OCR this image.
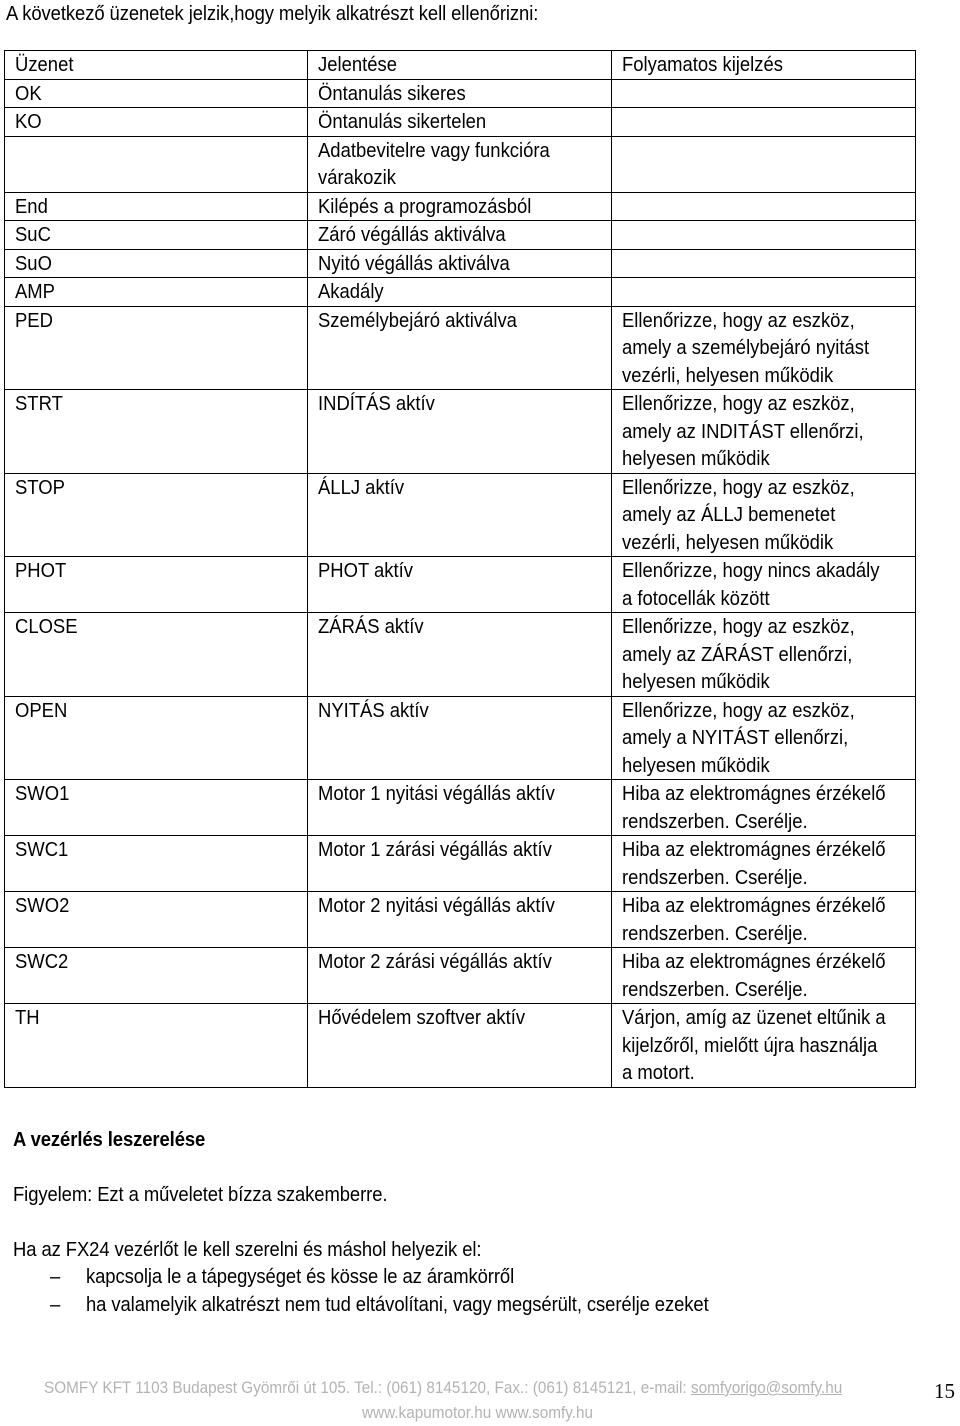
A következő üzenetek jelzik,hogy melyik alkatrészt kell ellenőrizni:
Üzenet	Jelentése	Folyamatos kijelzés

OK	Öntanulás sikeres	

KO	Öntanulás sikertelen	

	Adatbevitelre vagy funkcióra
várakozik	

End	Kilépés a programozásból	

SuC	Záró végállás aktiválva	

SuO	Nyitó végállás aktiválva	

AMP	Akadály	

PED	Személybejáró aktiválva	Ellenőrizze, hogy az eszköz,
amely a személybejáró nyitást
vezérli, helyesen működik

STRT	INDÍTÁS aktív	Ellenőrizze, hogy az eszköz,
amely az INDITÁST ellenőrzi,
helyesen működik

STOP	ÁLLJ aktív	Ellenőrizze, hogy az eszköz,
amely az ÁLLJ bemenetet
vezérli, helyesen működik

PHOT	PHOT aktív	Ellenőrizze, hogy nincs akadály
a fotocellák között

CLOSE	ZÁRÁS aktív	Ellenőrizze, hogy az eszköz,
amely az ZÁRÁST ellenőrzi,
helyesen működik

OPEN	NYITÁS aktív	Ellenőrizze, hogy az eszköz,
amely a NYITÁST ellenőrzi,
helyesen működik

SWO1	Motor 1 nyitási végállás aktív	Hiba az elektromágnes érzékelő
rendszerben. Cserélje.

SWC1	Motor 1 zárási végállás aktív	Hiba az elektromágnes érzékelő
rendszerben. Cserélje.

SWO2	Motor 2 nyitási végállás aktív	Hiba az elektromágnes érzékelő
rendszerben. Cserélje.

SWC2	Motor 2 zárási végállás aktív	Hiba az elektromágnes érzékelő
rendszerben. Cserélje.

TH	Hővédelem szoftver aktív	Várjon, amíg az üzenet eltűnik a
kijelzőről, mielőtt újra használja
a motort.
A vezérlés leszerelése
Figyelem: Ezt a műveletet bízza szakemberre.
Ha az FX24 vezérlőt le kell szerelni és máshol helyezik el:
– kapcsolja le a tápegységet és kösse le az áramkörről
– ha valamelyik alkatrészt nem tud eltávolítani, vagy megsérült, cserélje ezeket
SOMFY KFT 1103 Budapest Gyömrői út 105. Tel.: (061) 8145120, Fax.: (061) 8145121, e-mail: somfyorigo@somfy.hu
www.kapumotor.hu www.somfy.hu
15
